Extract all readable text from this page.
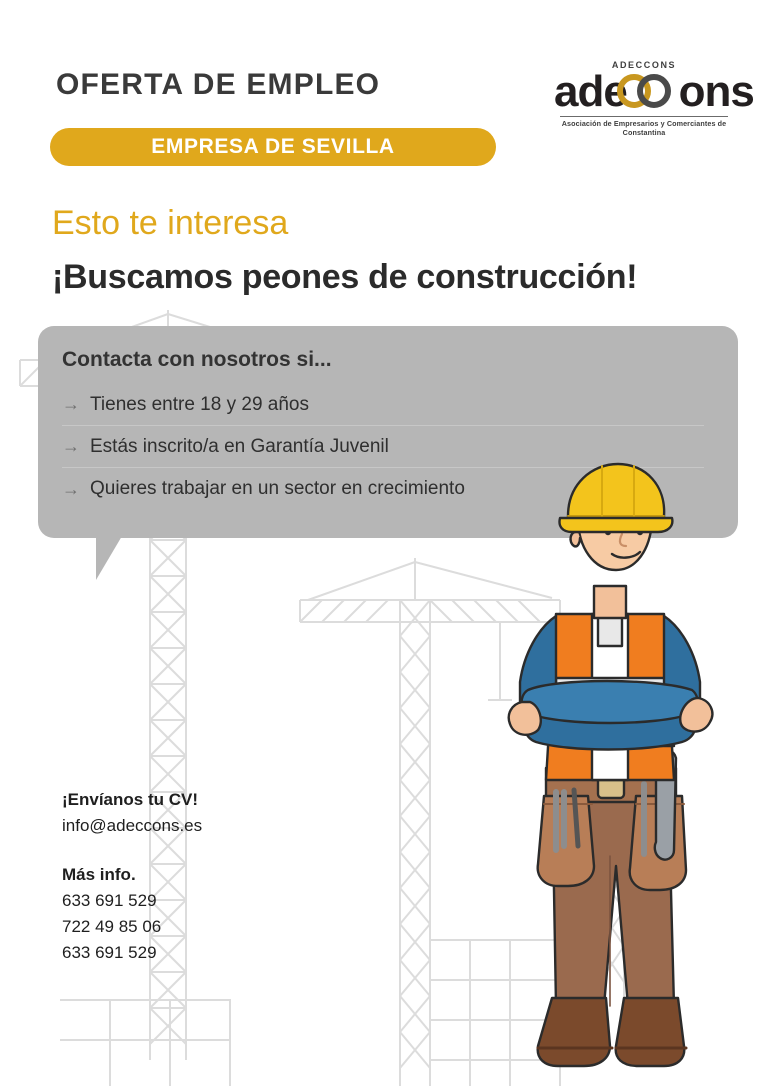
OFERTA DE EMPLEO
ADECCONS
ade ons
Asociación de Empresarios y Comerciantes de Constantina
EMPRESA DE SEVILLA
Esto te interesa
¡Buscamos peones de construcción!
Contacta con nosotros si...
→ Tienes entre 18 y 29 años
→ Estás inscrito/a en Garantía Juvenil
→ Quieres trabajar en un sector en crecimiento
¡Envíanos tu CV!
info@adeccons.es
Más info.
633 691 529
722 49 85 06
633 691 529
